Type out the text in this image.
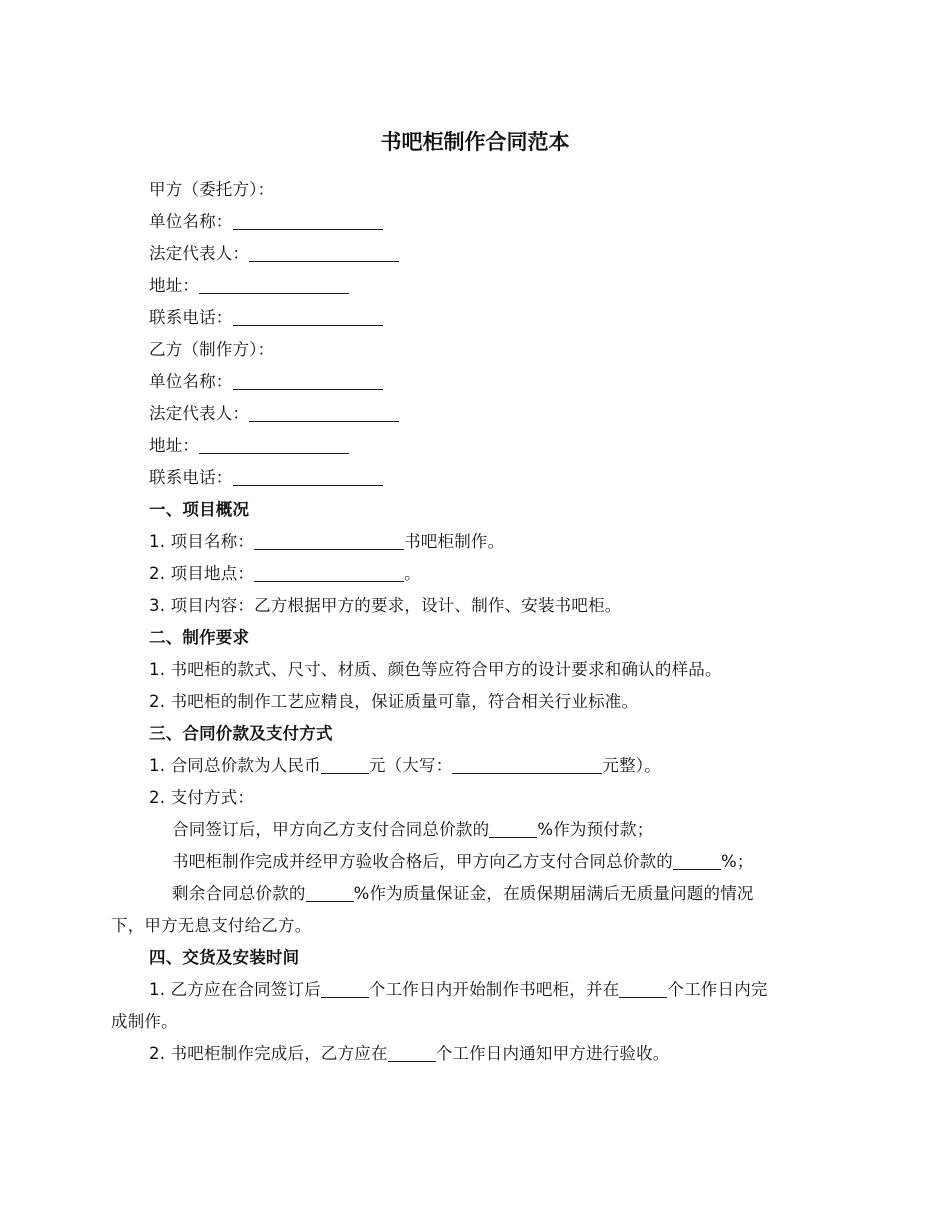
书吧柜制作合同范本
甲方（委托方）：
单位名称：
法定代表人：
地址：
联系电话：
乙方（制作方）：
单位名称：
法定代表人：
地址：
联系电话：
一、项目概况
1. 项目名称：	书吧柜制作。
2. 项目地点：	。
3. 项目内容：乙方根据甲方的要求，设计、制作、安装书吧柜。
二、制作要求
1. 书吧柜的款式、尺寸、材质、颜色等应符合甲方的设计要求和确认的样品。
2. 书吧柜的制作工艺应精良，保证质量可靠，符合相关行业标准。
三、合同价款及支付方式
1. 合同总价款为人民币	元（大写：	元整）。
2. 支付方式：
合同签订后，甲方向乙方支付合同总价款的	%作为预付款；
书吧柜制作完成并经甲方验收合格后，甲方向乙方支付合同总价款的	%；
剩余合同总价款的	%作为质量保证金，在质保期届满后无质量问题的情况
下，甲方无息支付给乙方。
四、交货及安装时间
1. 乙方应在合同签订后	个工作日内开始制作书吧柜，并在	个工作日内完
成制作。
2. 书吧柜制作完成后，乙方应在	个工作日内通知甲方进行验收。
